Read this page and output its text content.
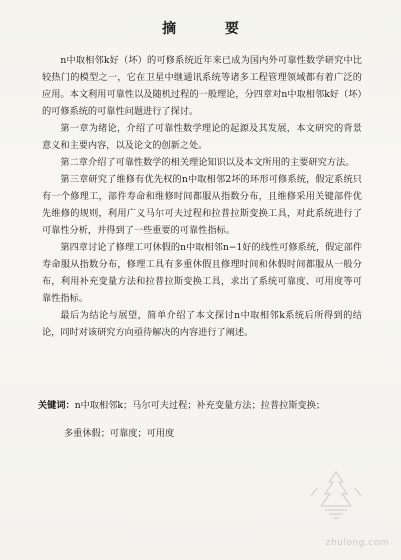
摘 要

n中取相邻k好（坏）的可修系统近年来已成为国内外可靠性数学研究中比较热门的模型之一，它在卫星中继通讯系统等诸多工程管理领域都有着广泛的应用。本文利用可靠性以及随机过程的一般理论，分四章对n中取相邻k好（坏）的可修系统的可靠性问题进行了探讨。

第一章为绪论，介绍了可靠性数学理论的起源及其发展，本文研究的背景意义和主要内容，以及论文的创新之处。

第二章介绍了可靠性数学的相关理论知识以及本文所用的主要研究方法。

第三章研究了维修有优先权的n中取相邻2坏的环形可修系统，假定系统只有一个修理工，部件寿命和维修时间都服从指数分布，且维修采用关键部件优先维修的规则，利用广义马尔可夫过程和拉普拉斯变换工具，对此系统进行了可靠性分析，并得到了一些重要的可靠性指标。

第四章讨论了修理工可休假的n中取相邻n−1好的线性可修系统，假定部件寿命服从指数分布，修理工具有多重休假且修理时间和休假时间都服从一般分布，利用补充变量方法和拉普拉斯变换工具，求出了系统可靠度、可用度等可靠性指标。

最后为结论与展望，简单介绍了本文探讨n中取相邻k系统后所得到的结论，同时对该研究方向亟待解决的内容进行了阐述。

关键词：n中取相邻k；马尔可夫过程；补充变量方法；拉普拉斯变换；
多重休假；可靠度；可用度
zhulong.com
